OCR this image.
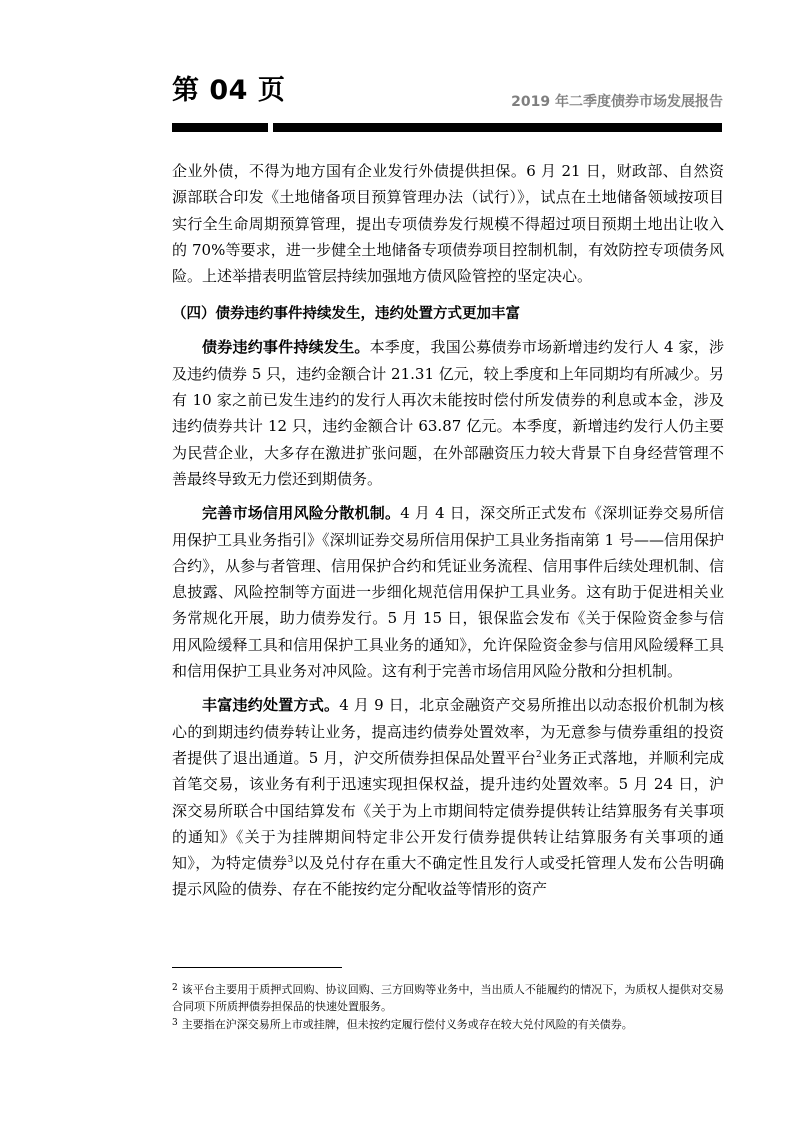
第 04 页	2019 年二季度债券市场发展报告

企业外债，不得为地方国有企业发行外债提供担保。6 月 21 日，财政部、自然资源部联合印发《土地储备项目预算管理办法（试行）》，试点在土地储备领域按项目实行全生命周期预算管理，提出专项债券发行规模不得超过项目预期土地出让收入的 70%等要求，进一步健全土地储备专项债券项目控制机制，有效防控专项债务风险。上述举措表明监管层持续加强地方债风险管控的坚定决心。

（四）债券违约事件持续发生，违约处置方式更加丰富

债券违约事件持续发生。本季度，我国公募债券市场新增违约发行人 4 家，涉及违约债券 5 只，违约金额合计 21.31 亿元，较上季度和上年同期均有所减少。另有 10 家之前已发生违约的发行人再次未能按时偿付所发债券的利息或本金，涉及违约债券共计 12 只，违约金额合计 63.87 亿元。本季度，新增违约发行人仍主要为民营企业，大多存在激进扩张问题，在外部融资压力较大背景下自身经营管理不善最终导致无力偿还到期债务。

完善市场信用风险分散机制。4 月 4 日，深交所正式发布《深圳证券交易所信用保护工具业务指引》《深圳证券交易所信用保护工具业务指南第 1 号——信用保护合约》，从参与者管理、信用保护合约和凭证业务流程、信用事件后续处理机制、信息披露、风险控制等方面进一步细化规范信用保护工具业务。这有助于促进相关业务常规化开展，助力债券发行。5 月 15 日，银保监会发布《关于保险资金参与信用风险缓释工具和信用保护工具业务的通知》，允许保险资金参与信用风险缓释工具和信用保护工具业务对冲风险。这有利于完善市场信用风险分散和分担机制。

丰富违约处置方式。4 月 9 日，北京金融资产交易所推出以动态报价机制为核心的到期违约债券转让业务，提高违约债券处置效率，为无意参与债券重组的投资者提供了退出通道。5 月，沪交所债券担保品处置平台$^2$业务正式落地，并顺利完成首笔交易，该业务有利于迅速实现担保权益，提升违约处置效率。5 月 24 日，沪深交易所联合中国结算发布《关于为上市期间特定债券提供转让结算服务有关事项的通知》《关于为挂牌期间特定非公开发行债券提供转让结算服务有关事项的通知》，为特定债券$^3$以及兑付存在重大不确定性且发行人或受托管理人发布公告明确提示风险的债券、存在不能按约定分配收益等情形的资产

$^2$ 该平台主要用于质押式回购、协议回购、三方回购等业务中，当出质人不能履约的情况下，为质权人提供对交易合同项下所质押债券担保品的快速处置服务。

$^3$ 主要指在沪深交易所上市或挂牌，但未按约定履行偿付义务或存在较大兑付风险的有关债券。
